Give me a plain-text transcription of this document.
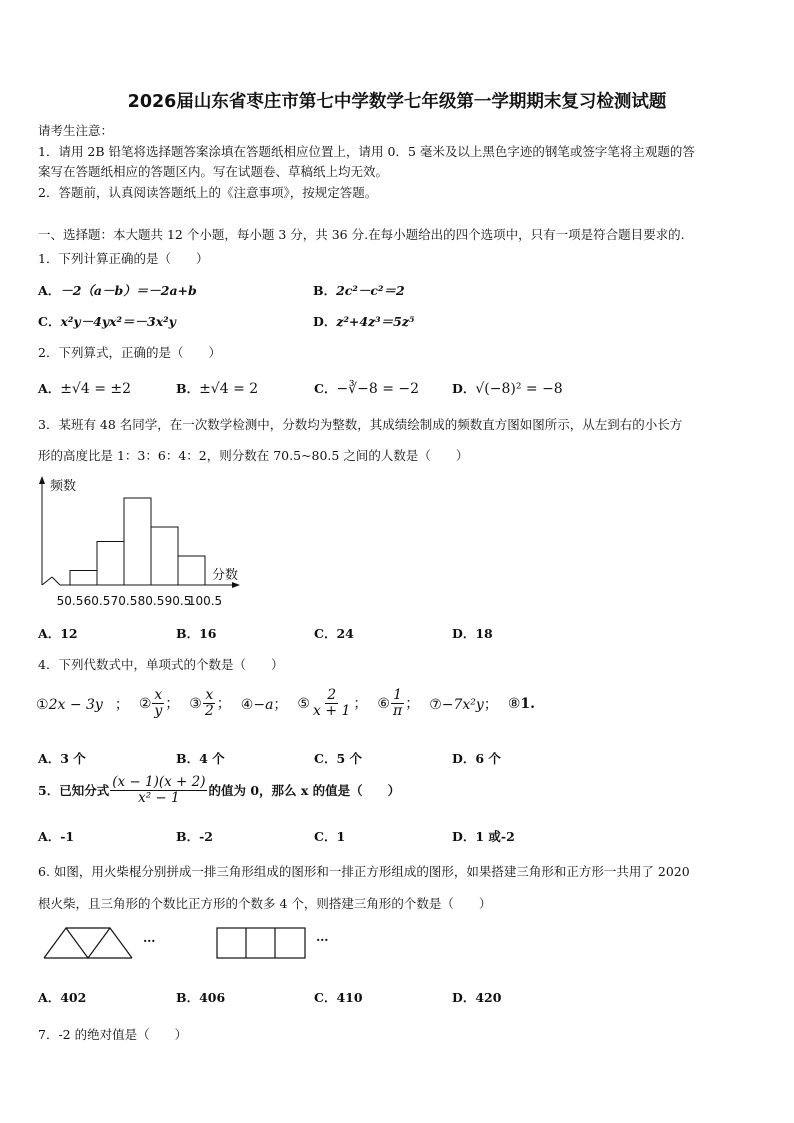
2026届山东省枣庄市第七中学数学七年级第一学期期末复习检测试题
请考生注意：
1．请用 2B 铅笔将选择题答案涂填在答题纸相应位置上，请用 0．5 毫米及以上黑色字迹的钢笔或签字笔将主观题的答
案写在答题纸相应的答题区内。写在试题卷、草稿纸上均无效。
2．答题前，认真阅读答题纸上的《注意事项》，按规定答题。
一、选择题：本大题共 12 个小题，每小题 3 分，共 36 分.在每小题给出的四个选项中，只有一项是符合题目要求的.
1．下列计算正确的是（　　）
A．－2（a－b）＝－2a+b	B．2c²－c²＝2
C．x²y－4yx²＝－3x²y	D．z²+4z³＝5z⁵
2．下列算式，正确的是（　　）
A．±√4 = ±2	B．±√4 = 2	C．−∛−8 = −2	D．√(−8)² = −8
3．某班有 48 名同学，在一次数学检测中，分数均为整数，其成绩绘制成的频数直方图如图所示，从左到右的小长方
形的高度比是 1：3：6：4：2，则分数在 70.5~80.5 之间的人数是（　　）
频数
分数
50.5 60.5 70.5 80.5 90.5
100.5
A．12	B．16	C．24	D．18
4．下列代数式中，单项式的个数是（　　）
①2x − 3y ； ② $\frac{x}{y}$ ； ③ $\frac{x}{2}$ ； ④−a； ⑤ $\frac{2}{x + 1}$ ； ⑥ $\frac{1}{\pi}$ ； ⑦−7x²y； ⑧1.
A．3 个	B．4 个	C．5 个	D．6 个
5．已知分式 $\frac{(x - 1)(x + 2)}{\text{x² − 1}}$ 的值为 0，那么 x 的值是（　　）
A．-1	B．-2	C．1	D．1 或-2
6. 如图，用火柴棍分别拼成一排三角形组成的图形和一排正方形组成的图形，如果搭建三角形和正方形一共用了 2020
根火柴，且三角形的个数比正方形的个数多 4 个，则搭建三角形的个数是（　　）
…	…
A．402	B．406	C．410	D．420
7．-2 的绝对值是（　　）
